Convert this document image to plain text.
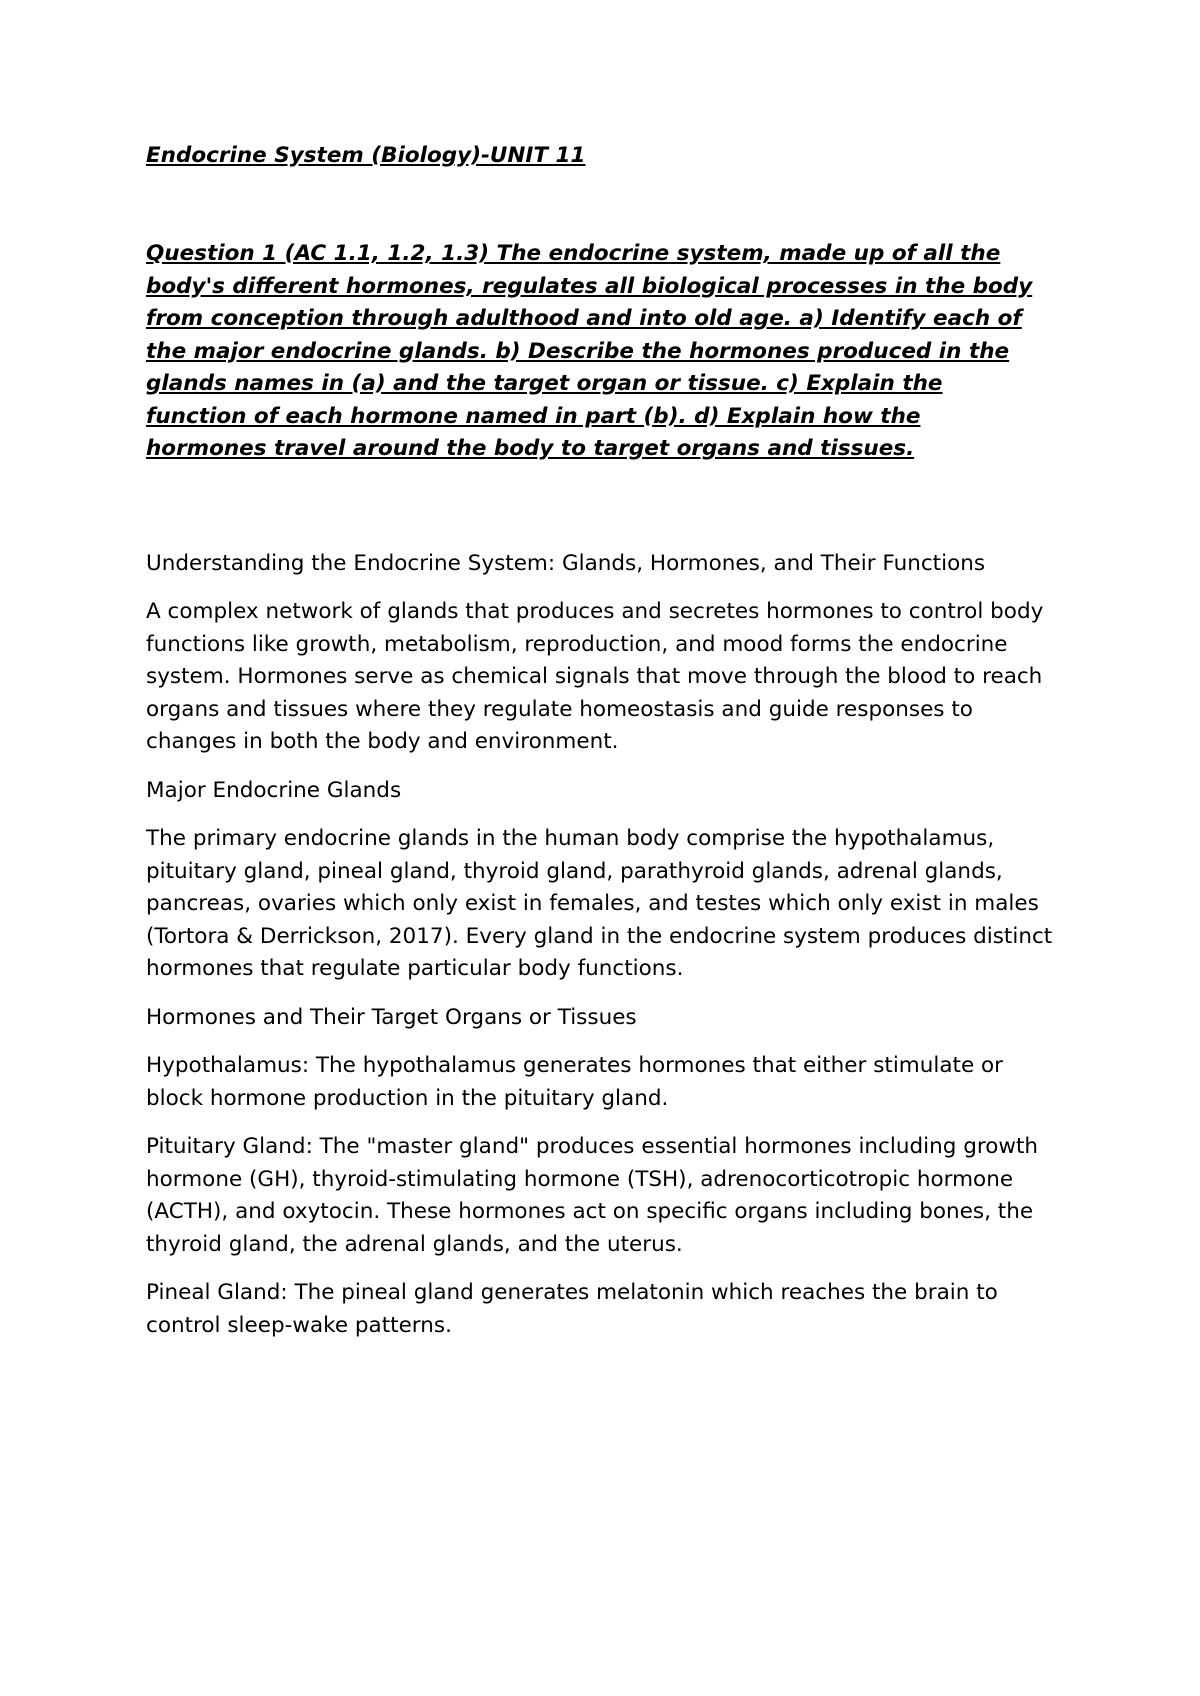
Endocrine System (Biology)-UNIT 11
Question 1 (AC 1.1, 1.2, 1.3) The endocrine system, made up of all the body's different hormones, regulates all biological processes in the body from conception through adulthood and into old age. a) Identify each of the major endocrine glands. b) Describe the hormones produced in the glands names in (a) and the target organ or tissue. c) Explain the function of each hormone named in part (b). d) Explain how the hormones travel around the body to target organs and tissues.
Understanding the Endocrine System: Glands, Hormones, and Their Functions
A complex network of glands that produces and secretes hormones to control body functions like growth, metabolism, reproduction, and mood forms the endocrine system. Hormones serve as chemical signals that move through the blood to reach organs and tissues where they regulate homeostasis and guide responses to changes in both the body and environment.
Major Endocrine Glands
The primary endocrine glands in the human body comprise the hypothalamus, pituitary gland, pineal gland, thyroid gland, parathyroid glands, adrenal glands, pancreas, ovaries which only exist in females, and testes which only exist in males (Tortora & Derrickson, 2017). Every gland in the endocrine system produces distinct hormones that regulate particular body functions.
Hormones and Their Target Organs or Tissues
Hypothalamus: The hypothalamus generates hormones that either stimulate or block hormone production in the pituitary gland.
Pituitary Gland: The "master gland" produces essential hormones including growth hormone (GH), thyroid-stimulating hormone (TSH), adrenocorticotropic hormone (ACTH), and oxytocin. These hormones act on specific organs including bones, the thyroid gland, the adrenal glands, and the uterus.
Pineal Gland: The pineal gland generates melatonin which reaches the brain to control sleep-wake patterns.
